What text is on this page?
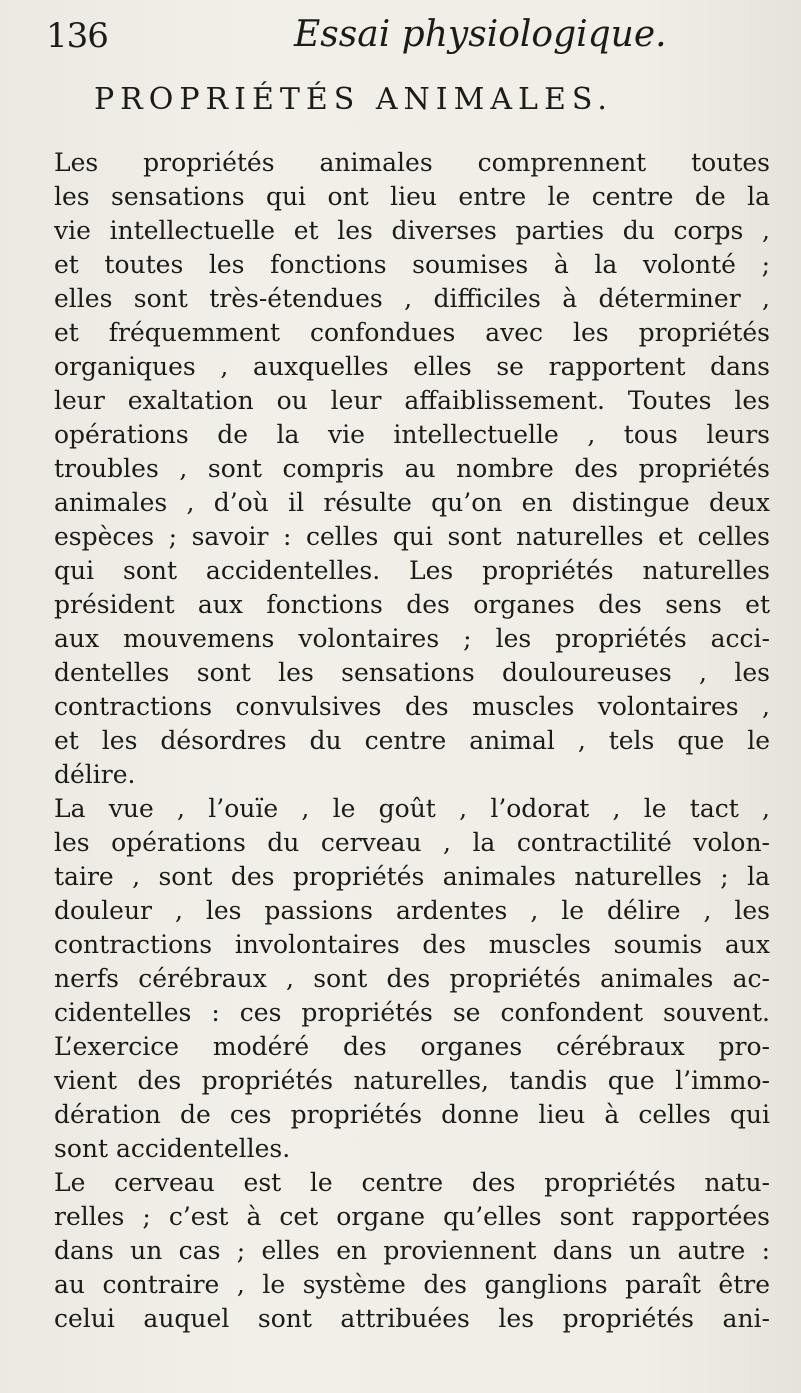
136	Essai physiologique.
PROPRIÉTÉS ANIMALES.
Les propriétés animales comprennent toutes
les sensations qui ont lieu entre le centre de la
vie intellectuelle et les diverses parties du corps ,
et toutes les fonctions soumises à la volonté ;
elles sont très-étendues , difficiles à déterminer ,
et fréquemment confondues avec les propriétés
organiques , auxquelles elles se rapportent dans
leur exaltation ou leur affaiblissement. Toutes les
opérations de la vie intellectuelle , tous leurs
troubles , sont compris au nombre des propriétés
animales , d’où il résulte qu’on en distingue deux
espèces ; savoir : celles qui sont naturelles et celles
qui sont accidentelles. Les propriétés naturelles
président aux fonctions des organes des sens et
aux mouvemens volontaires ; les propriétés acci-
dentelles sont les sensations douloureuses , les
contractions convulsives des muscles volontaires ,
et les désordres du centre animal , tels que le
délire.
La vue , l’ouïe , le goût , l’odorat , le tact ,
les opérations du cerveau , la contractilité volon-
taire , sont des propriétés animales naturelles ; la
douleur , les passions ardentes , le délire , les
contractions involontaires des muscles soumis aux
nerfs cérébraux , sont des propriétés animales ac-
cidentelles : ces propriétés se confondent souvent.
L’exercice modéré des organes cérébraux pro-
vient des propriétés naturelles, tandis que l’immo-
dération de ces propriétés donne lieu à celles qui
sont accidentelles.
Le cerveau est le centre des propriétés natu-
relles ; c’est à cet organe qu’elles sont rapportées
dans un cas ; elles en proviennent dans un autre :
au contraire , le système des ganglions paraît être
celui auquel sont attribuées les propriétés ani-
